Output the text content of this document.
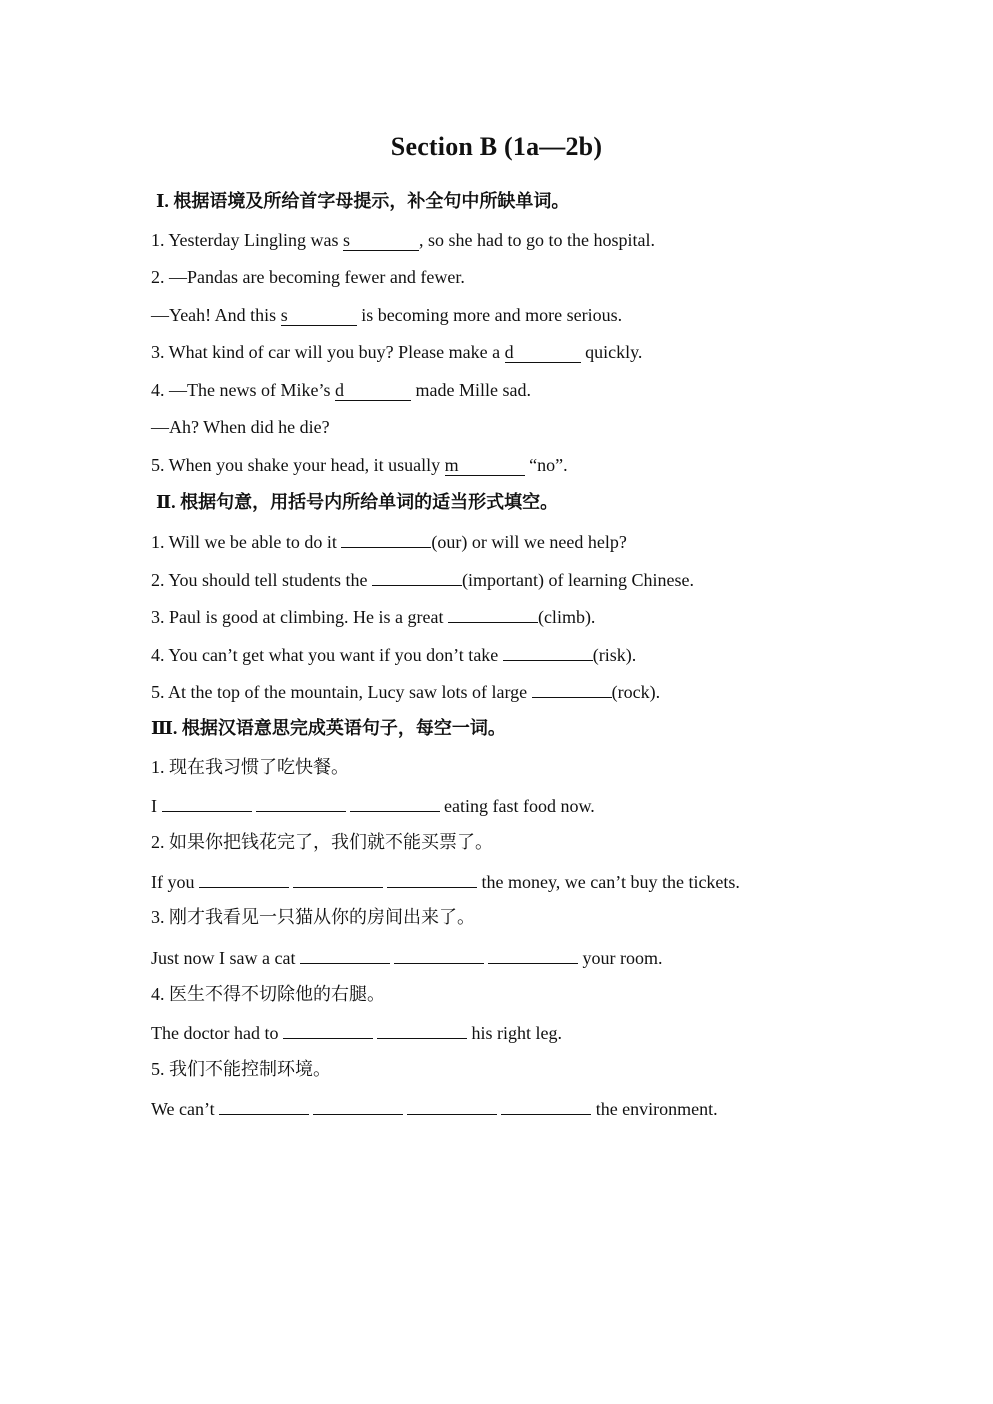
Section B (1a—2b)
Ⅰ. 根据语境及所给首字母提示，补全句中所缺单词。
1. Yesterday Lingling was s	, so she had to go to the hospital.
2. —Pandas are becoming fewer and fewer.
—Yeah! And this s	is becoming more and more serious.
3. What kind of car will you buy? Please make a d	quickly.
4. —The news of Mike’s d	made Mille sad.
—Ah? When did he die?
5. When you shake your head, it usually m	“no”.
Ⅱ. 根据句意，用括号内所给单词的适当形式填空。
1. Will we be able to do it	(our) or will we need help?
2. You should tell students the	(important) of learning Chinese.
3. Paul is good at climbing. He is a great	(climb).
4. You can’t get what you want if you don’t take	(risk).
5. At the top of the mountain, Lucy saw lots of large	(rock).
Ⅲ. 根据汉语意思完成英语句子，每空一词。
1. 现在我习惯了吃快餐。
I	eating fast food now.
2. 如果你把钱花完了，我们就不能买票了。
If you	the money, we can’t buy the tickets.
3. 刚才我看见一只猫从你的房间出来了。
Just now I saw a cat	your room.
4. 医生不得不切除他的右腿。
The doctor had to	his right leg.
5. 我们不能控制环境。
We can’t	the environment.
